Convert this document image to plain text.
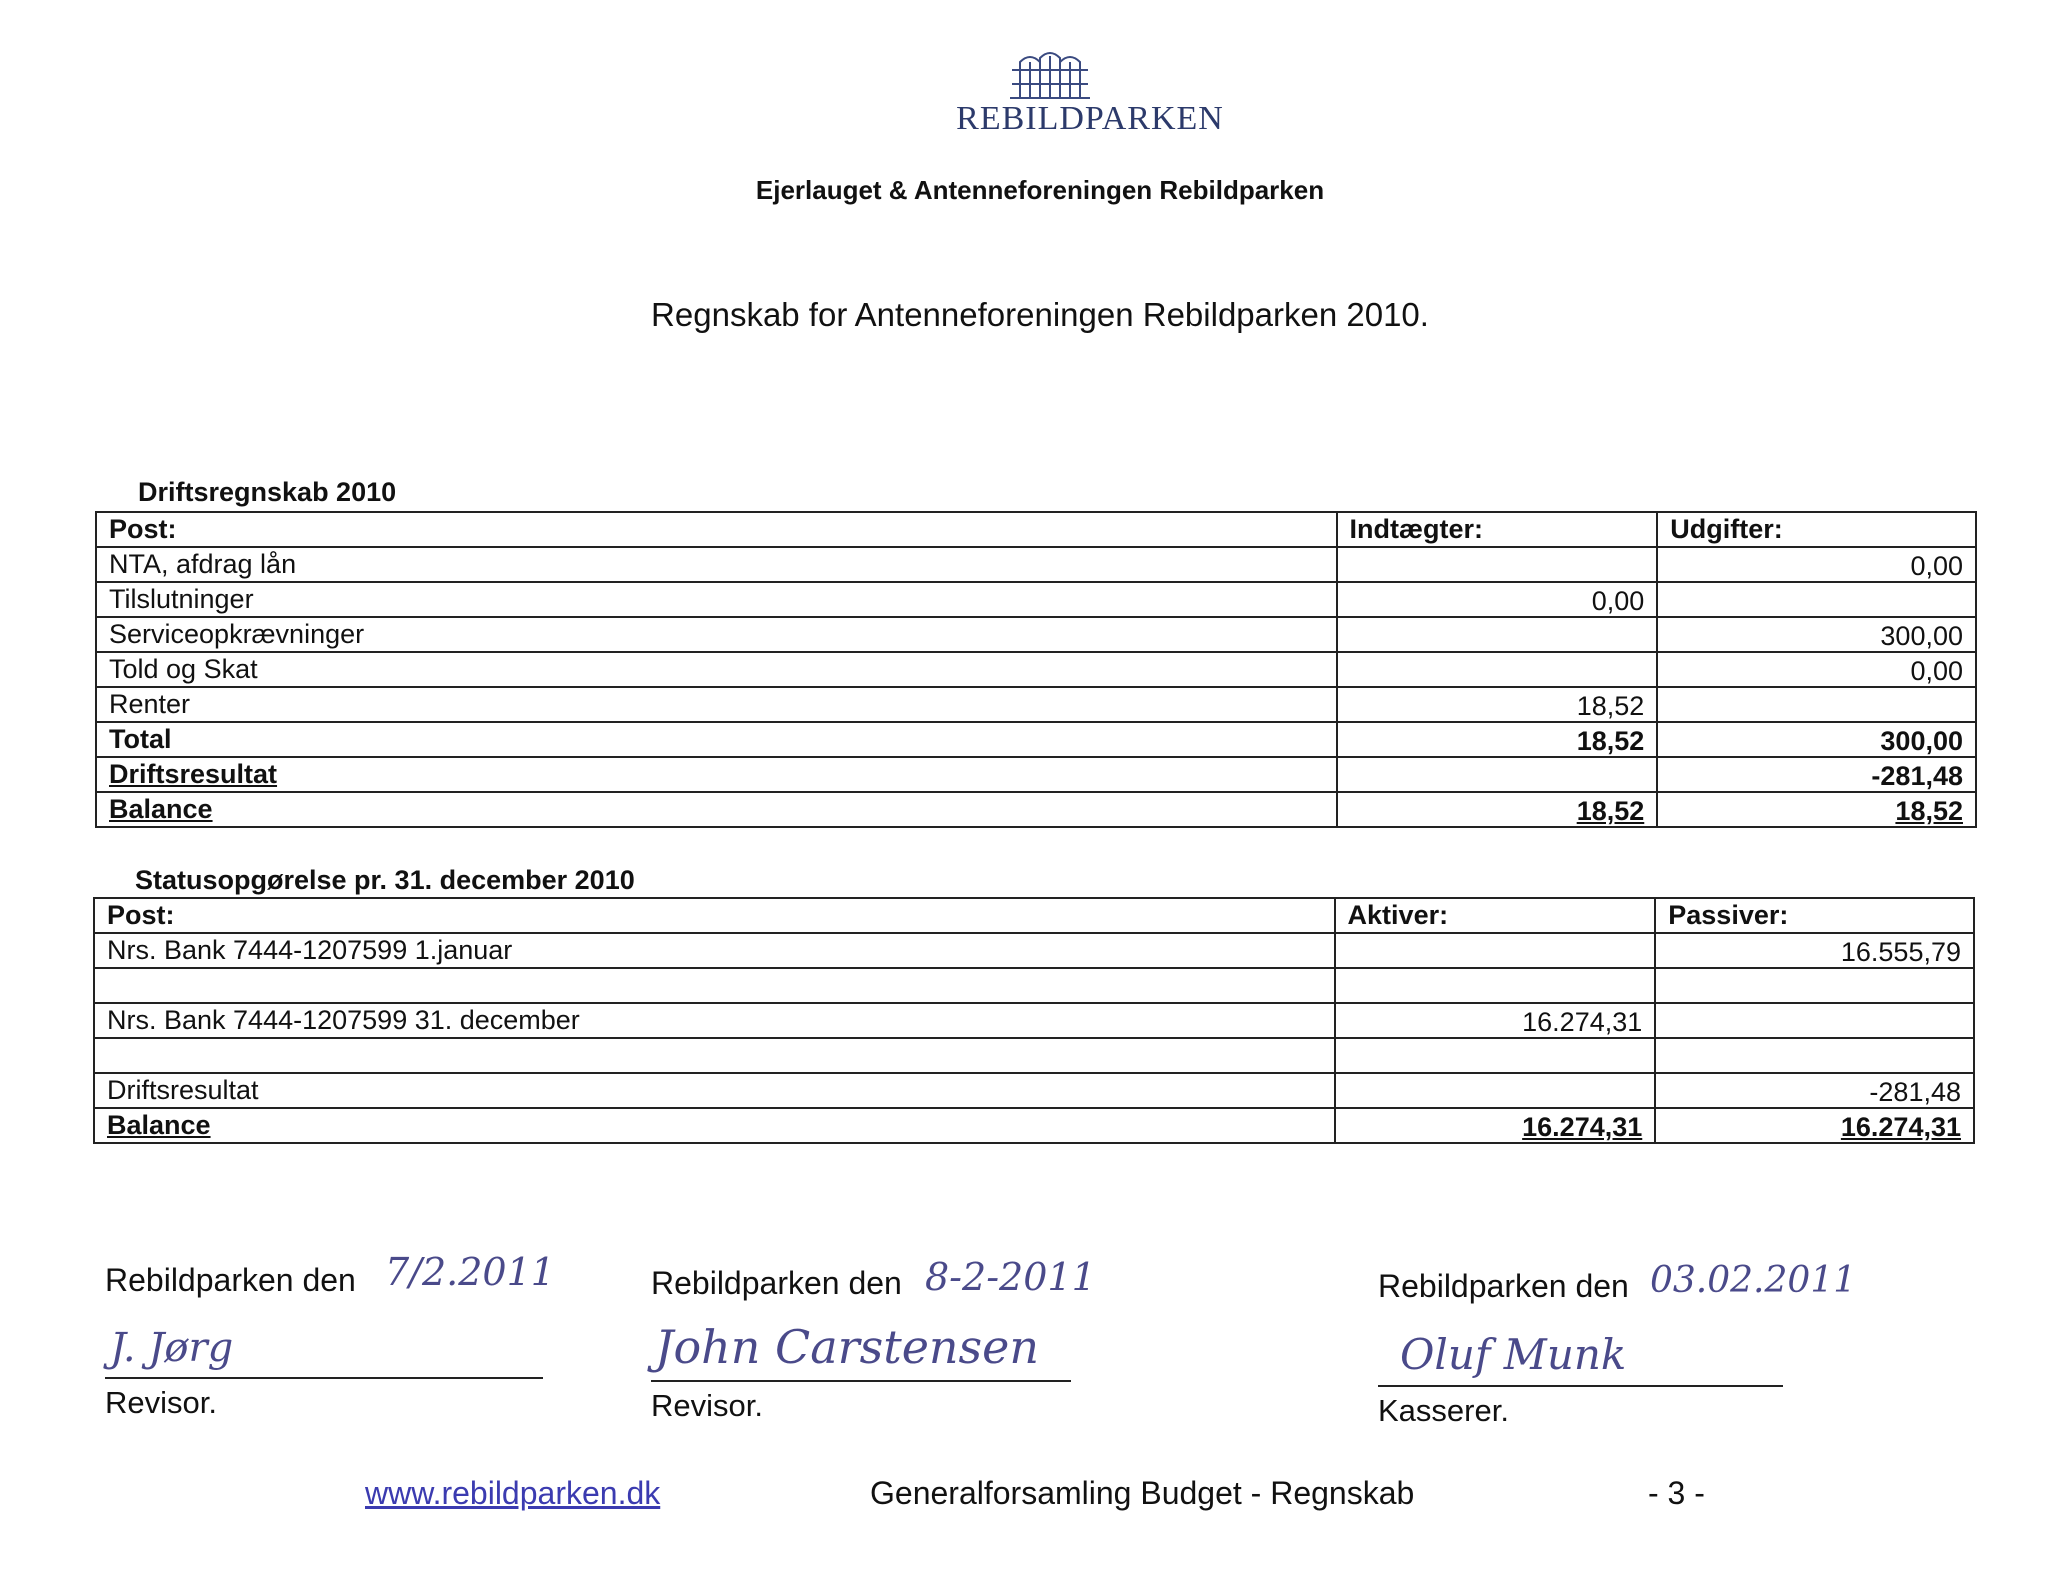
REBILDPARKEN
Ejerlauget & Antenneforeningen Rebildparken
Regnskab for Antenneforeningen Rebildparken 2010.
Driftsregnskab 2010
Post:	Indtægter:	Udgifter:
NTA, afdrag lån		0,00
Tilslutninger	0,00	
Serviceopkrævninger		300,00
Told og Skat		0,00
Renter	18,52	
Total	18,52	300,00
Driftsresultat		-281,48
Balance	18,52	18,52
Statusopgørelse pr. 31. december 2010
Post:	Aktiver:	Passiver:
Nrs. Bank 7444-1207599 1.januar		16.555,79

Nrs. Bank 7444-1207599 31. december	16.274,31	

Driftsresultat		-281,48
Balance	16.274,31	16.274,31
Rebildparken den 7/2.2011
J. Jørg
Revisor.
Rebildparken den 8-2-2011
John Carstensen
Revisor.
Rebildparken den 03.02.2011
Oluf Munk
Kasserer.
www.rebildparken.dk	Generalforsamling Budget - Regnskab	- 3 -
